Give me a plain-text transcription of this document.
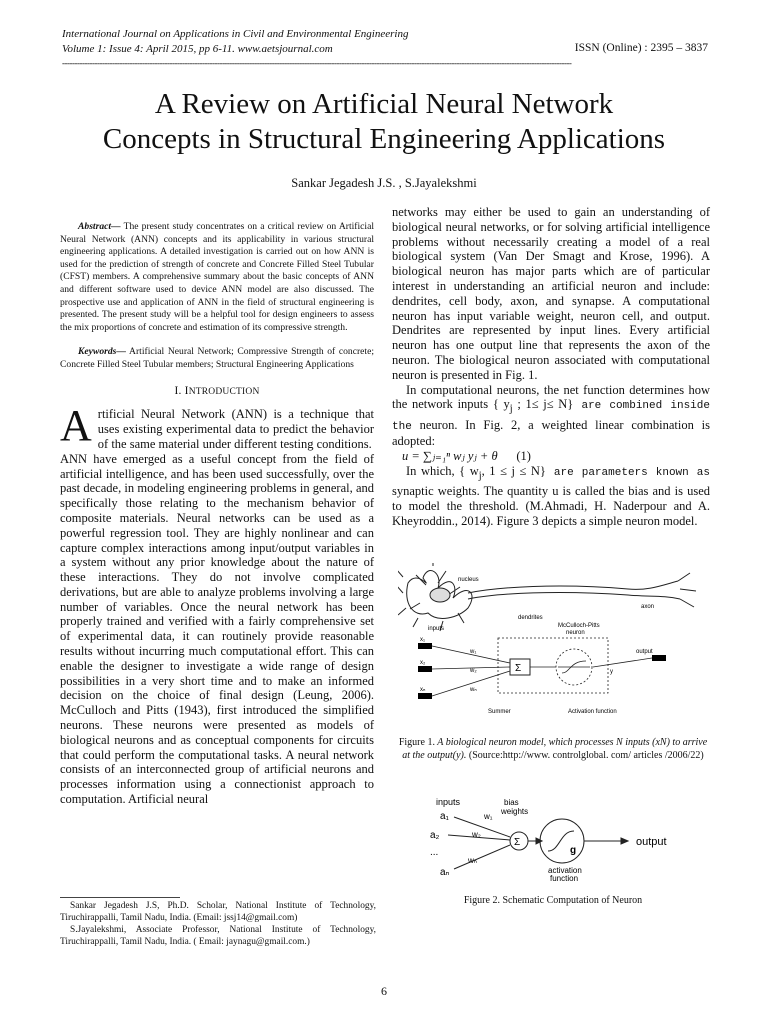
International Journal on Applications in Civil and Environmental Engineering
Volume 1: Issue 4: April 2015, pp 6-11. www.aetsjournal.com	ISSN (Online) : 2395 – 3837
------------------------------------------------------------------------------------------------------------------------------------------------------------------------------------------------------------
A Review on Artificial Neural Network
Concepts in Structural Engineering Applications
Sankar Jegadesh J.S. , S.Jayalekshmi

Abstract— The present study concentrates on a critical review on Artificial Neural Network (ANN) concepts and its applicability in various structural engineering applications. A detailed investigation is carried out on how ANN is used for the prediction of strength of concrete and Concrete Filled Steel Tubular (CFST) members. A comprehensive summary about the basic concepts of ANN and different software used to device ANN model are also discussed. The prospective use and application of ANN in the field of structural engineering is presented. The present study will be a helpful tool for design engineers to assess the mix proportions of concrete and estimation of its compressive strength.

Keywords— Artificial Neural Network; Compressive Strength of concrete; Concrete Filled Steel Tubular members; Structural Engineering Applications

I. INTRODUCTION

Artificial Neural Network (ANN) is a technique that uses existing experimental data to predict the behavior of the same material under different testing conditions.

ANN have emerged as a useful concept from the field of artificial intelligence, and has been used successfully, over the past decade, in modeling engineering problems in general, and specifically those relating to the mechanism behavior of composite materials. Neural networks can be used as a powerful regression tool. They are highly nonlinear and can capture complex interactions among input/output variables in a system without any prior knowledge about the nature of these interactions. They do not involve complicated derivations, but are able to analyze problems involving a large number of variables. Once the neural network has been properly trained and verified with a fairly comprehensive set of experimental data, it can routinely provide reasonable results without incurring much computational effort. This can enable the designer to investigate a wide range of design possibilities in a very short time and to make an informed decision on the choice of final design (Leung, 2006). McCulloch and Pitts (1943), first introduced the simplified neurons. These neurons were presented as models of biological neurons and as conceptual components for circuits that could perform the computational tasks. A neural network consists of an interconnected group of artificial neurons and processes information using a connectionist approach to computation. Artificial neural

Sankar Jegadesh J.S, Ph.D. Scholar, National Institute of Technology, Tiruchirappalli, Tamil Nadu, India. (Email: jssj14@gmail.com)

S.Jayalekshmi, Associate Professor, National Institute of Technology, Tiruchirappalli, Tamil Nadu, India. ( Email: jaynagu@gmail.com.)

networks may either be used to gain an understanding of biological neural networks, or for solving artificial intelligence problems without necessarily creating a model of a real biological system (Van Der Smagt and Krose, 1996). A biological neuron has major parts which are of particular interest in understanding an artificial neuron and include: dendrites, cell body, axon, and synapse. A computational neuron has input variable weight, neuron cell, and output. Dendrites are represented by input lines. Every artificial neuron has one output line that represents the axon of the neuron. The biological neuron associated with computational neuron is presented in Fig. 1.

In computational neurons, the net function determines how the network inputs { $y_j$ ; 1≤ j≤ N} are combined inside the neuron. In Fig. 2, a weighted linear combination is adopted:

u = ∑ⱼ₌₁ⁿ wⱼ yⱼ + θ (1)

In which, { $w_j$, 1 ≤ j ≤ N} are parameters known as synaptic weights. The quantity u is called the bias and is used to model the threshold. (M.Ahmadi, H. Naderpour and A. Kheyroddin., 2014). Figure 3 depicts a simple neuron model.

nucleus
axon
dendrites
inputs	McCulloch-Pitts
neuron
output
Σ
x₁
x₂
xₙ
w₁
w₂
wₙ
y
Summer	Activation function
Figure 1. A biological neuron model, which processes N inputs (xN) to arrive at the output(y). (Source:http://www. controlglobal. com/ articles /2006/22)
inputs	bias
weights
a₁
a₂
...
aₙ
w₁
w₂
wₙ
Σ
g
output
activation
function
Figure 2. Schematic Computation of Neuron
6
